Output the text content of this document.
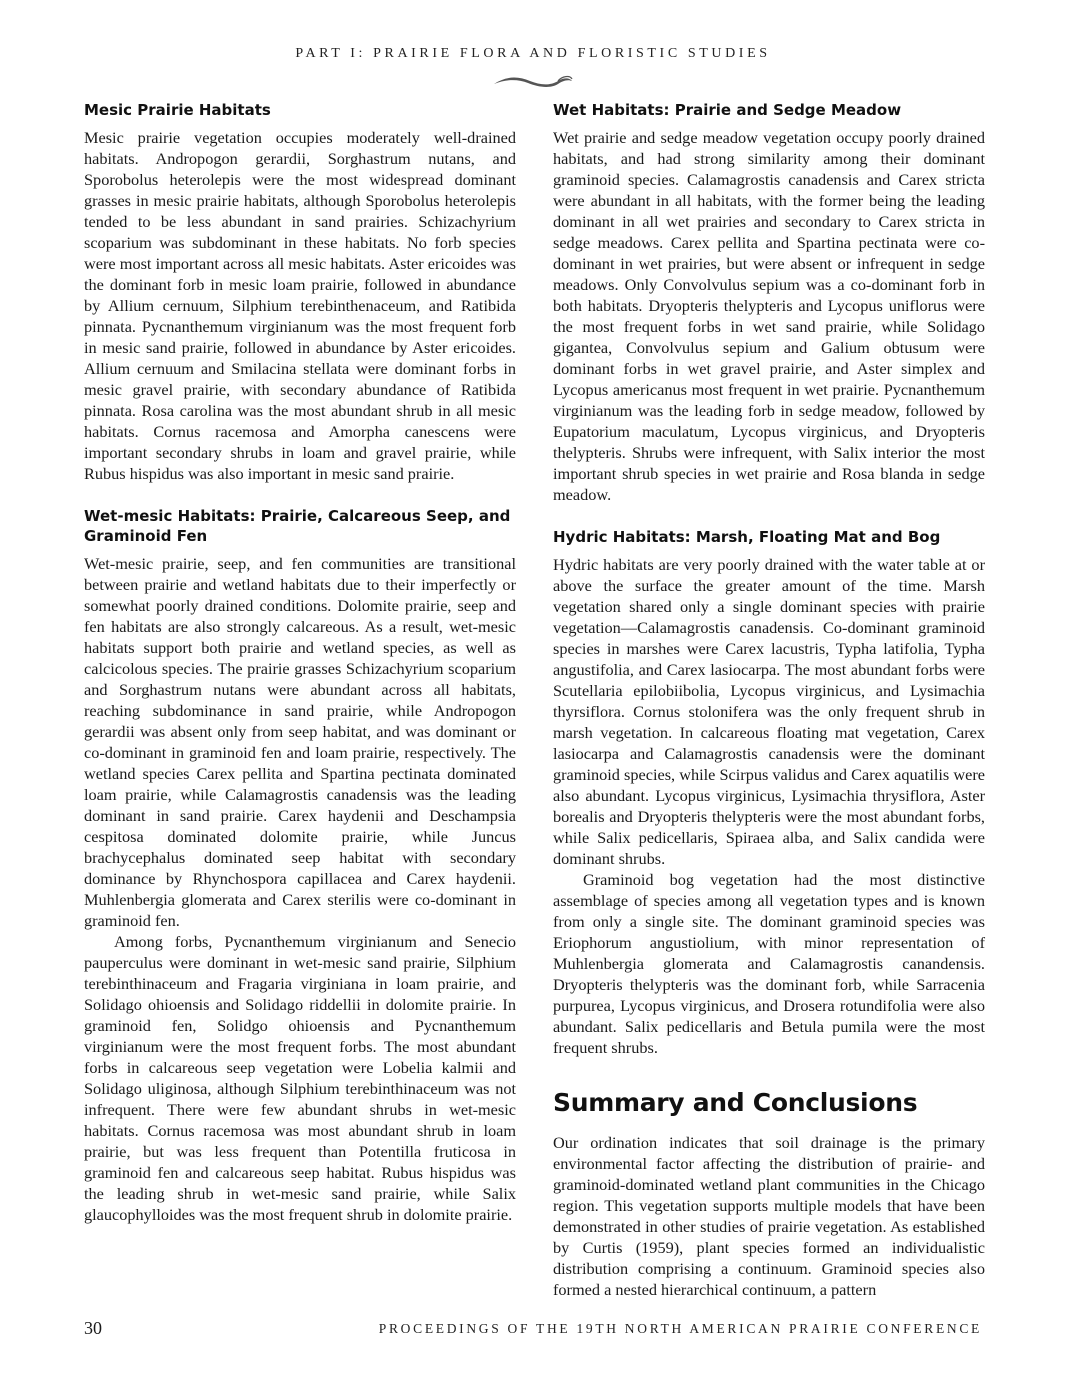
PART I: PRAIRIE FLORA AND FLORISTIC STUDIES
Mesic Prairie Habitats

Mesic prairie vegetation occupies moderately well-drained habitats. Andropogon gerardii, Sorghastrum nutans, and Sporobolus heterolepis were the most widespread dominant grasses in mesic prairie habitats, although Sporobolus heterolepis tended to be less abundant in sand prairies. Schizachyrium scoparium was subdominant in these habitats. No forb species were most important across all mesic habitats. Aster ericoides was the dominant forb in mesic loam prairie, followed in abundance by Allium cernuum, Silphium terebinthenaceum, and Ratibida pinnata. Pycnanthemum virginianum was the most frequent forb in mesic sand prairie, followed in abundance by Aster ericoides. Allium cernuum and Smilacina stellata were dominant forbs in mesic gravel prairie, with secondary abundance of Ratibida pinnata. Rosa carolina was the most abundant shrub in all mesic habitats. Cornus racemosa and Amorpha canescens were important secondary shrubs in loam and gravel prairie, while Rubus hispidus was also important in mesic sand prairie.

Wet-mesic Habitats: Prairie, Calcareous Seep, and Graminoid Fen

Wet-mesic prairie, seep, and fen communities are transitional between prairie and wetland habitats due to their imperfectly or somewhat poorly drained conditions. Dolomite prairie, seep and fen habitats are also strongly calcareous. As a result, wet-mesic habitats support both prairie and wetland species, as well as calcicolous species. The prairie grasses Schizachyrium scoparium and Sorghastrum nutans were abundant across all habitats, reaching subdominance in sand prairie, while Andropogon gerardii was absent only from seep habitat, and was dominant or co-dominant in graminoid fen and loam prairie, respectively. The wetland species Carex pellita and Spartina pectinata dominated loam prairie, while Calamagrostis canadensis was the leading dominant in sand prairie. Carex haydenii and Deschampsia cespitosa dominated dolomite prairie, while Juncus brachycephalus dominated seep habitat with secondary dominance by Rhynchospora capillacea and Carex haydenii. Muhlenbergia glomerata and Carex sterilis were co-dominant in graminoid fen.

Among forbs, Pycnanthemum virginianum and Senecio pauperculus were dominant in wet-mesic sand prairie, Silphium terebinthinaceum and Fragaria virginiana in loam prairie, and Solidago ohioensis and Solidago riddellii in dolomite prairie. In graminoid fen, Solidgo ohioensis and Pycnanthemum virginianum were the most frequent forbs. The most abundant forbs in calcareous seep vegetation were Lobelia kalmii and Solidago uliginosa, although Silphium terebinthinaceum was not infrequent. There were few abundant shrubs in wet-mesic habitats. Cornus racemosa was most abundant shrub in loam prairie, but was less frequent than Potentilla fruticosa in graminoid fen and calcareous seep habitat. Rubus hispidus was the leading shrub in wet-mesic sand prairie, while Salix glaucophylloides was the most frequent shrub in dolomite prairie.

Wet Habitats: Prairie and Sedge Meadow

Wet prairie and sedge meadow vegetation occupy poorly drained habitats, and had strong similarity among their dominant graminoid species. Calamagrostis canadensis and Carex stricta were abundant in all habitats, with the former being the leading dominant in all wet prairies and secondary to Carex stricta in sedge meadows. Carex pellita and Spartina pectinata were co-dominant in wet prairies, but were absent or infrequent in sedge meadows. Only Convolvulus sepium was a co-dominant forb in both habitats. Dryopteris thelypteris and Lycopus uniflorus were the most frequent forbs in wet sand prairie, while Solidago gigantea, Convolvulus sepium and Galium obtusum were dominant forbs in wet gravel prairie, and Aster simplex and Lycopus americanus most frequent in wet prairie. Pycnanthemum virginianum was the leading forb in sedge meadow, followed by Eupatorium maculatum, Lycopus virginicus, and Dryopteris thelypteris. Shrubs were infrequent, with Salix interior the most important shrub species in wet prairie and Rosa blanda in sedge meadow.

Hydric Habitats: Marsh, Floating Mat and Bog

Hydric habitats are very poorly drained with the water table at or above the surface the greater amount of the time. Marsh vegetation shared only a single dominant species with prairie vegetation—Calamagrostis canadensis. Co-dominant graminoid species in marshes were Carex lacustris, Typha latifolia, Typha angustifolia, and Carex lasiocarpa. The most abundant forbs were Scutellaria epilobiibolia, Lycopus virginicus, and Lysimachia thyrsiflora. Cornus stolonifera was the only frequent shrub in marsh vegetation. In calcareous floating mat vegetation, Carex lasiocarpa and Calamagrostis canadensis were the dominant graminoid species, while Scirpus validus and Carex aquatilis were also abundant. Lycopus virginicus, Lysimachia thrysiflora, Aster borealis and Dryopteris thelypteris were the most abundant forbs, while Salix pedicellaris, Spiraea alba, and Salix candida were dominant shrubs.

Graminoid bog vegetation had the most distinctive assemblage of species among all vegetation types and is known from only a single site. The dominant graminoid species was Eriophorum angustiolium, with minor representation of Muhlenbergia glomerata and Calamagrostis canandensis. Dryopteris thelypteris was the dominant forb, while Sarracenia purpurea, Lycopus virginicus, and Drosera rotundifolia were also abundant. Salix pedicellaris and Betula pumila were the most frequent shrubs.

Summary and Conclusions

Our ordination indicates that soil drainage is the primary environmental factor affecting the distribution of prairie- and graminoid-dominated wetland plant communities in the Chicago region. This vegetation supports multiple models that have been demonstrated in other studies of prairie vegetation. As established by Curtis (1959), plant species formed an individualistic distribution comprising a continuum. Graminoid species also formed a nested hierarchical continuum, a pattern

30	PROCEEDINGS OF THE 19TH NORTH AMERICAN PRAIRIE CONFERENCE
